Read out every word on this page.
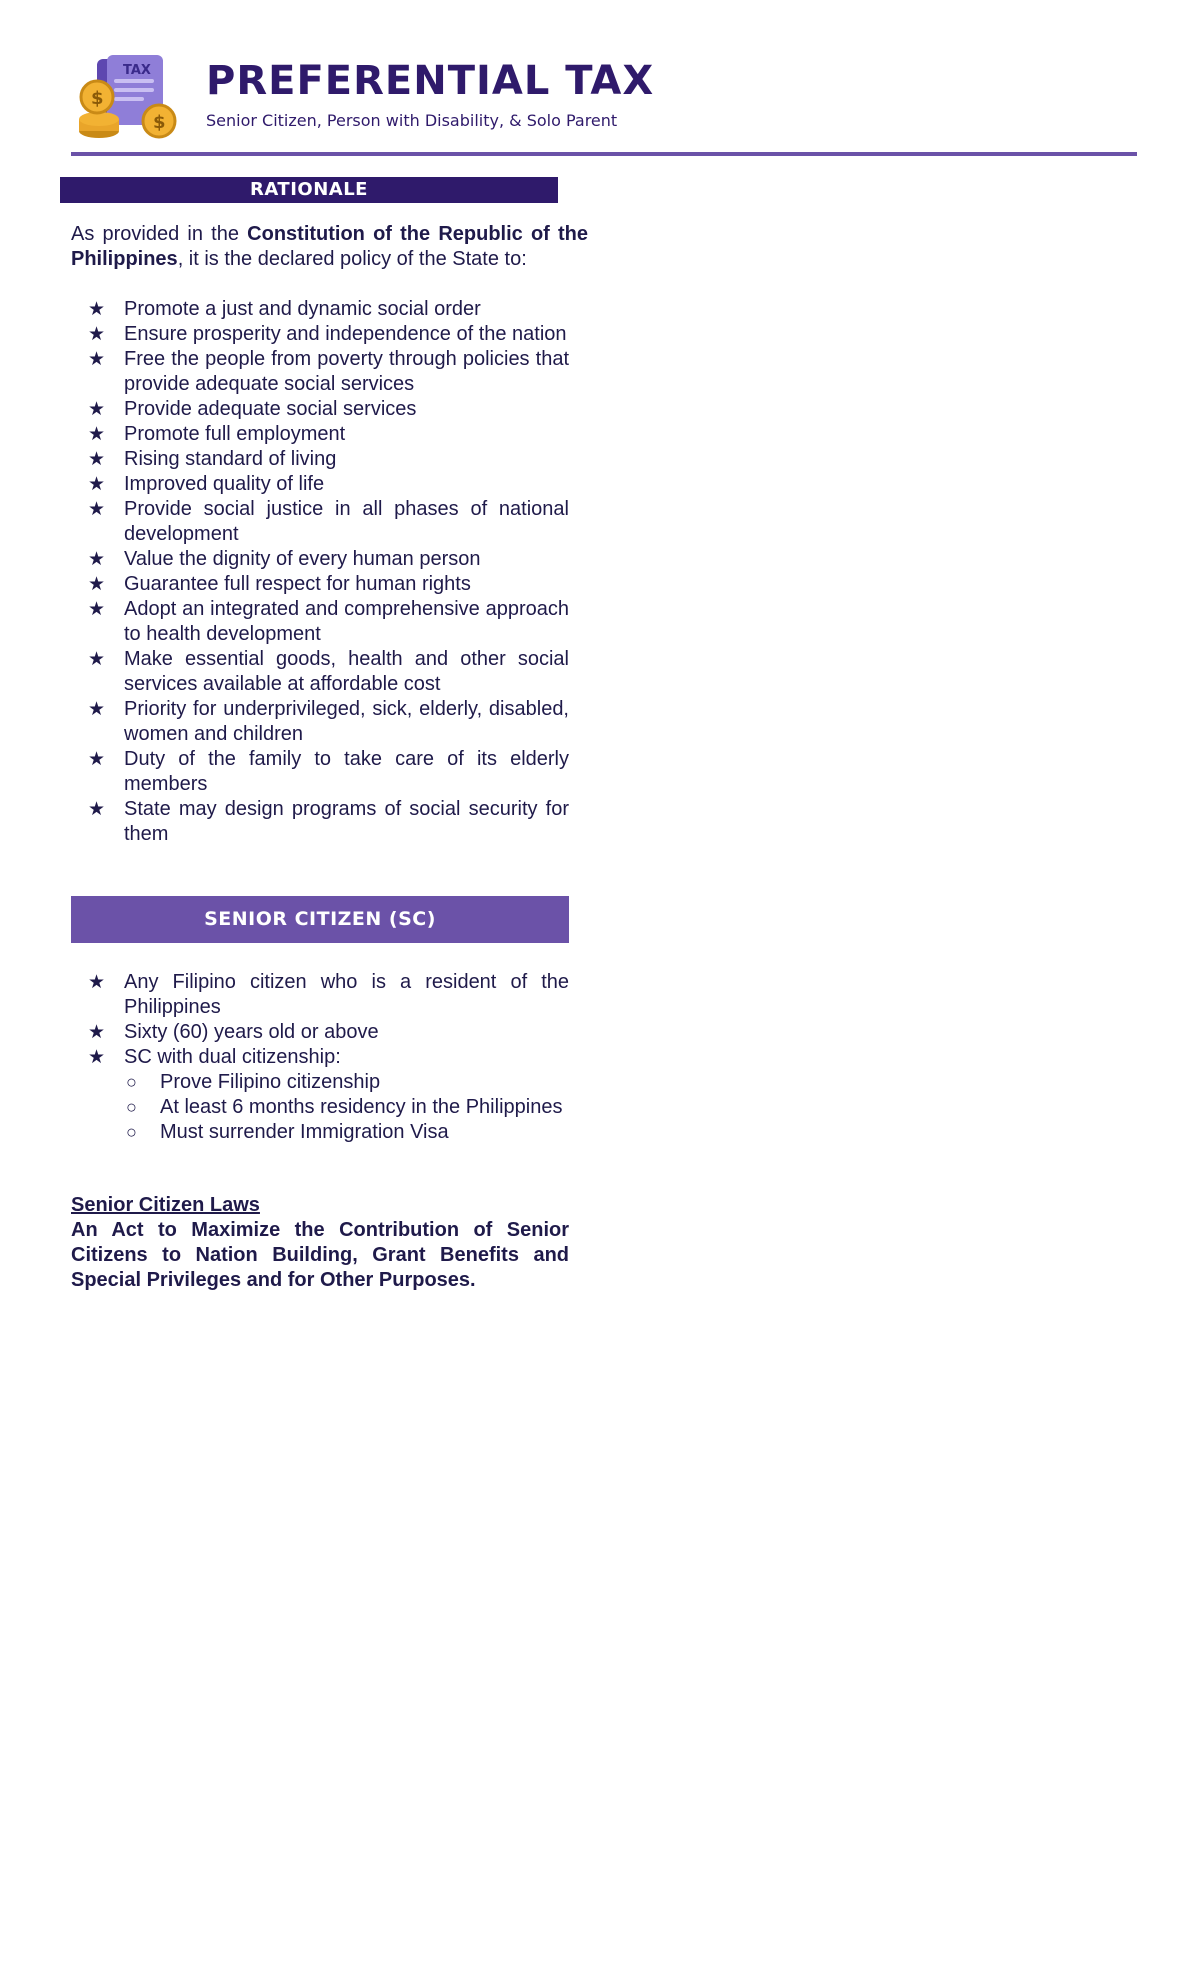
TAX
$
$
PREFERENTIAL TAX
Senior Citizen, Person with Disability, & Solo Parent
RATIONALE
As provided in the Constitution of the Republic of the Philippines, it is the declared policy of the State to:
★ Promote a just and dynamic social order
★ Ensure prosperity and independence of the nation
★ Free the people from poverty through policies that provide adequate social services
★ Provide adequate social services
★ Promote full employment
★ Rising standard of living
★ Improved quality of life
★ Provide social justice in all phases of national development
★ Value the dignity of every human person
★ Guarantee full respect for human rights
★ Adopt an integrated and comprehensive approach to health development
★ Make essential goods, health and other social services available at affordable cost
★ Priority for underprivileged, sick, elderly, disabled, women and children
★ Duty of the family to take care of its elderly members
★ State may design programs of social security for them
SENIOR CITIZEN (SC)
★ Any Filipino citizen who is a resident of the Philippines
★ Sixty (60) years old or above
★ SC with dual citizenship:
○ Prove Filipino citizenship
○ At least 6 months residency in the Philippines
○ Must surrender Immigration Visa
Senior Citizen Laws
An Act to Maximize the Contribution of Senior Citizens to Nation Building, Grant Benefits and Special Privileges and for Other Purposes.
